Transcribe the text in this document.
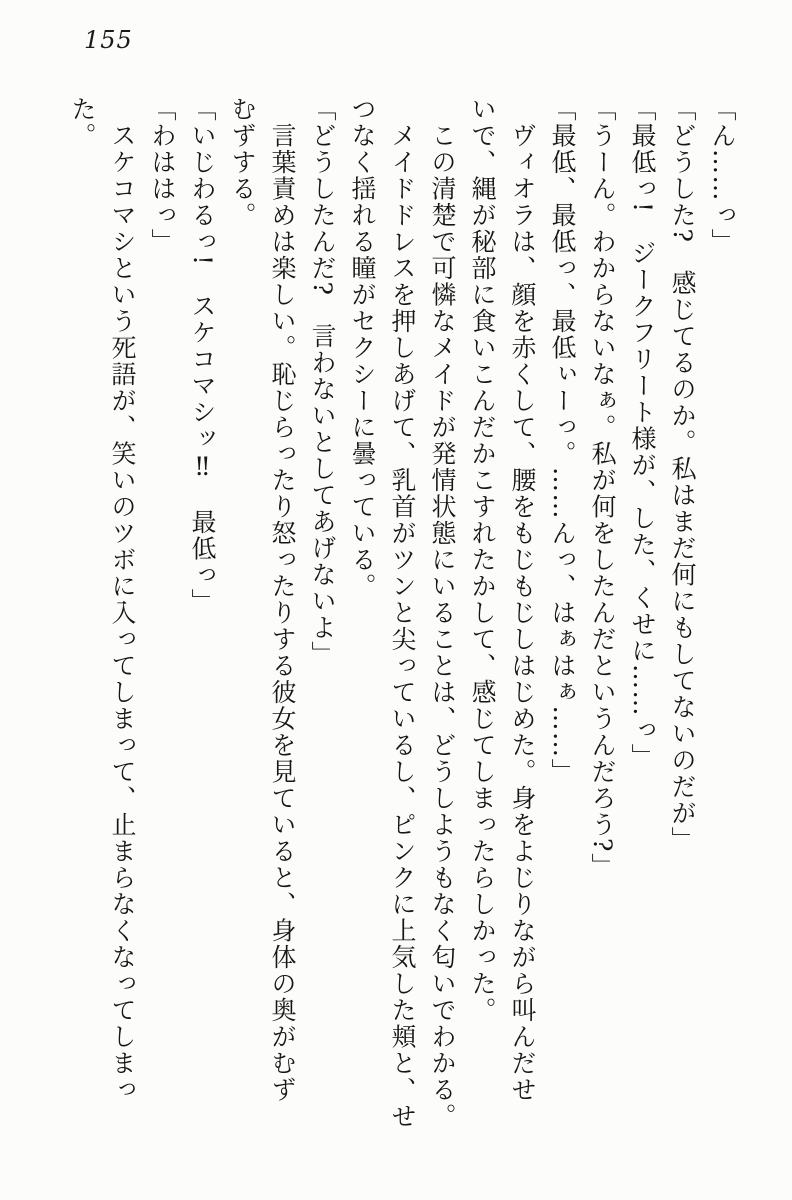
155
「ん……っ」
「どうした?　感じてるのか。私はまだ何にもしてないのだが」
「最低っ!　ジークフリート様が、した、くせに……っ」
「うーん。わからないなぁ。私が何をしたんだというんだろう?」
「最低、最低っ、最低ぃーっ。……んっ、はぁはぁ……」
　ヴィオラは、顔を赤くして、腰をもじもじしはじめた。身をよじりながら叫んだせ
いで、縄が秘部に食いこんだかこすれたかして、感じてしまったらしかった。
　この清楚で可憐なメイドが発情状態にいることは、どうしようもなく匂いでわかる。
　メイドドレスを押しあげて、乳首がツンと尖っているし、ピンクに上気した頬と、せ
つなく揺れる瞳がセクシーに曇っている。
「どうしたんだ?　言わないとしてあげないよ」
　言葉責めは楽しい。恥じらったり怒ったりする彼女を見ていると、身体の奥がむず
むずする。
「いじわるっ!　スケコマシッ‼　最低っ」
「わははっ」
　スケコマシという死語が、笑いのツボに入ってしまって、止まらなくなってしまっ
た。
